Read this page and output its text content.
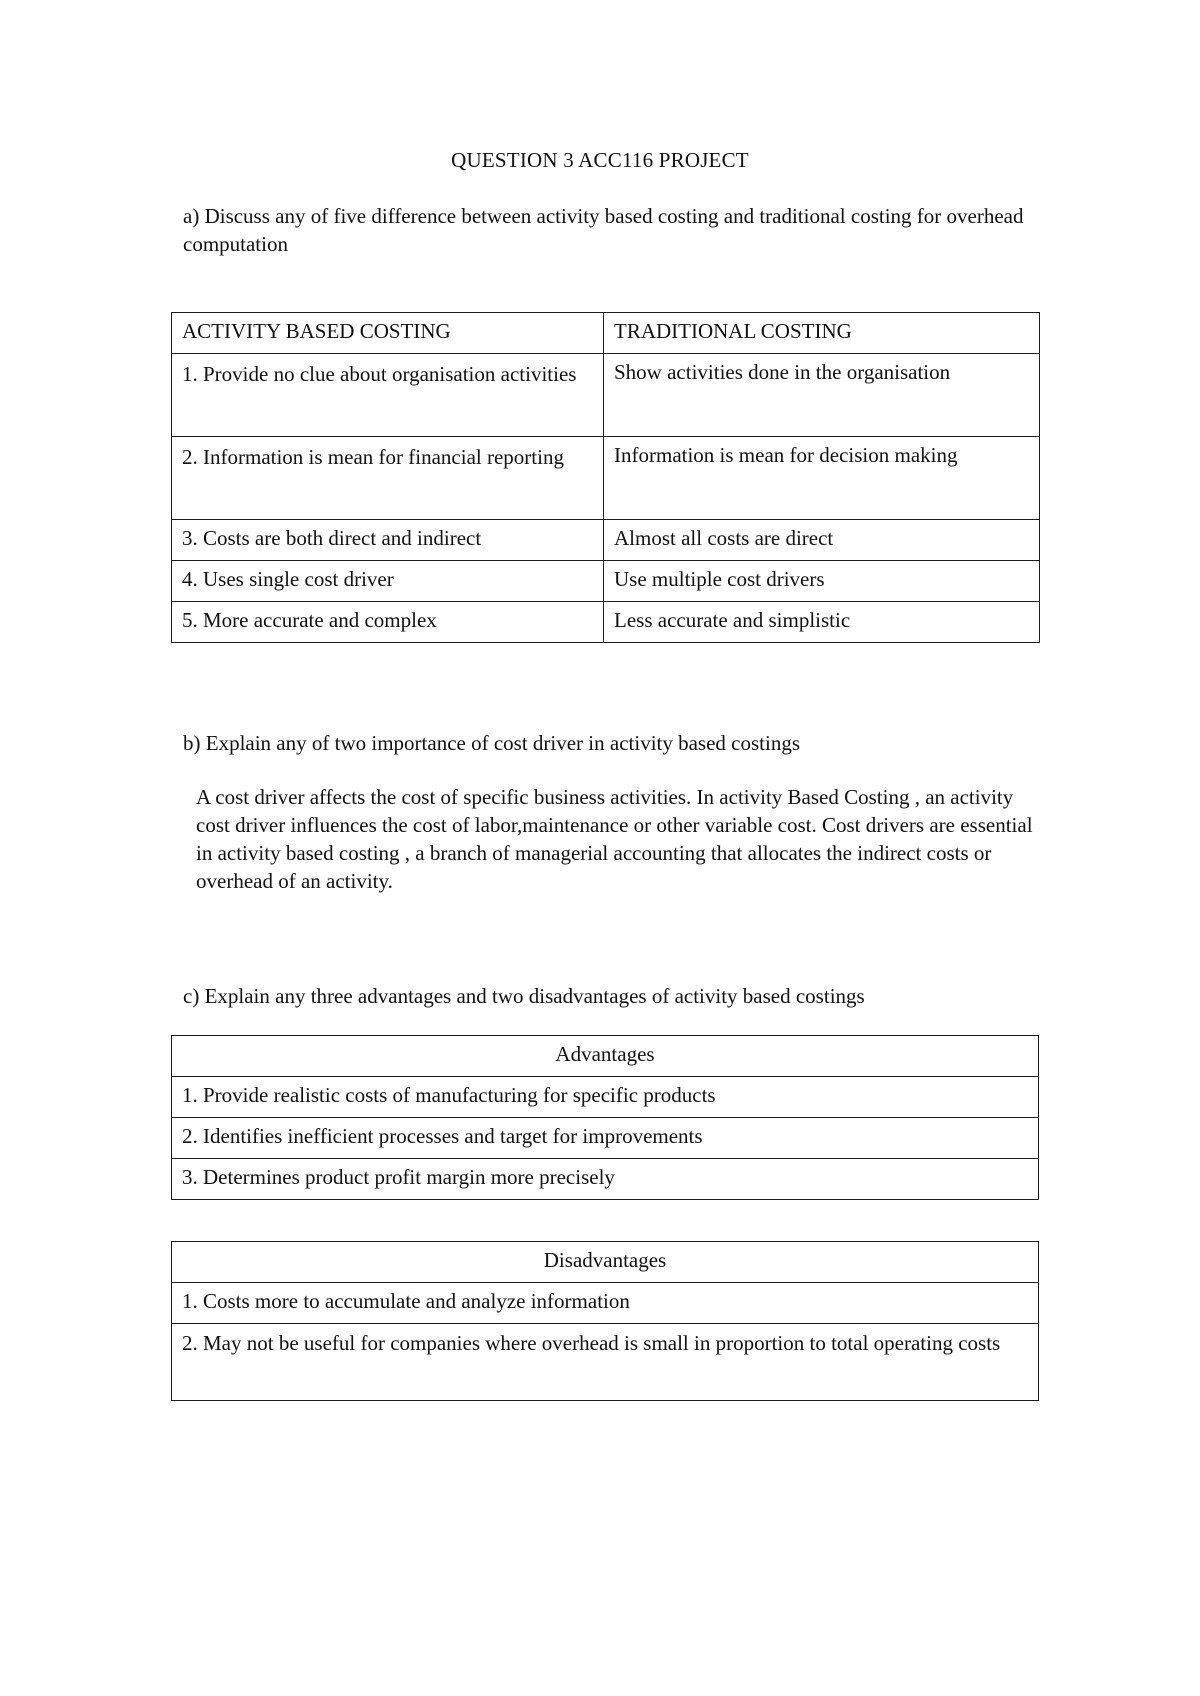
QUESTION 3 ACC116 PROJECT
a) Discuss any of five difference between activity based costing and traditional costing for overhead computation
ACTIVITY BASED COSTING	TRADITIONAL COSTING
1. Provide no clue about organisation activities	Show activities done in the organisation
2. Information is mean for financial reporting	Information is mean for decision making
3. Costs are both direct and indirect	Almost all costs are direct
4. Uses single cost driver	Use multiple cost drivers
5. More accurate and complex	Less accurate and simplistic
b) Explain any of two importance of cost driver in activity based costings
A cost driver affects the cost of specific business activities. In activity Based Costing , an activity cost driver influences the cost of labor,maintenance or other variable cost. Cost drivers are essential in activity based costing , a branch of managerial accounting that allocates the indirect costs or overhead of an activity.
c) Explain any three advantages and two disadvantages of activity based costings
Advantages
1. Provide realistic costs of manufacturing for specific products
2. Identifies inefficient processes and target for improvements
3. Determines product profit margin more precisely
Disadvantages
1. Costs more to accumulate and analyze information
2. May not be useful for companies where overhead is small in proportion to total operating costs
